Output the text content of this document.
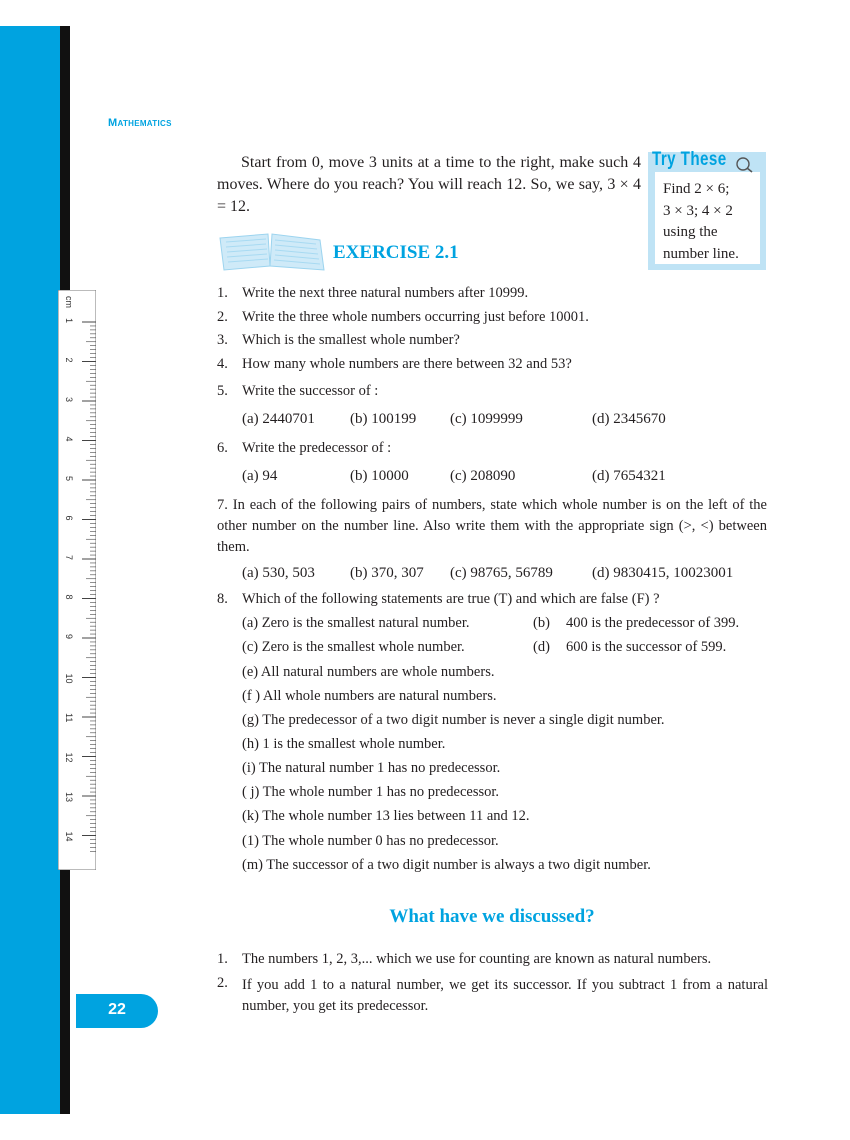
cm
1
2
3
4
5
6
7
8
9
10
11
12
13
14
Mathematics
Start from 0, move 3 units at a time to the right, make such 4 moves. Where do you reach? You will reach 12. So, we say, 3 × 4 = 12.
Try These
Find 2 × 6;
3 × 3; 4 × 2
using the
number line.
EXERCISE 2.1
1. Write the next three natural numbers after 10999.
2. Write the three whole numbers occurring just before 10001.
3. Which is the smallest whole number?
4. How many whole numbers are there between 32 and 53?
5. Write the successor of :
(a) 2440701 (b) 100199 (c) 1099999	(d) 2345670
6. Write the predecessor of :
(a) 94	(b) 10000	(c) 208090	(d) 7654321
7. In each of the following pairs of numbers, state which whole number is on the left of the other number on the number line. Also write them with the appropriate sign (>, <) between them.
(a) 530, 503 (b) 370, 307 (c) 98765, 56789	(d) 9830415, 10023001
8. Which of the following statements are true (T) and which are false (F) ?
(a) Zero is the smallest natural number.	(b) 400 is the predecessor of 399.
(c) Zero is the smallest whole number.	(d) 600 is the successor of 599.
(e) All natural numbers are whole numbers.
(f ) All whole numbers are natural numbers.
(g) The predecessor of a two digit number is never a single digit number.
(h) 1 is the smallest whole number.
(i) The natural number 1 has no predecessor.
( j) The whole number 1 has no predecessor.
(k) The whole number 13 lies between 11 and 12.
(1) The whole number 0 has no predecessor.
(m) The successor of a two digit number is always a two digit number.
What have we discussed?
1. The numbers 1, 2, 3,... which we use for counting are known as natural numbers.
2. If you add 1 to a natural number, we get its successor. If you subtract 1 from a natural number, you get its predecessor.
22
